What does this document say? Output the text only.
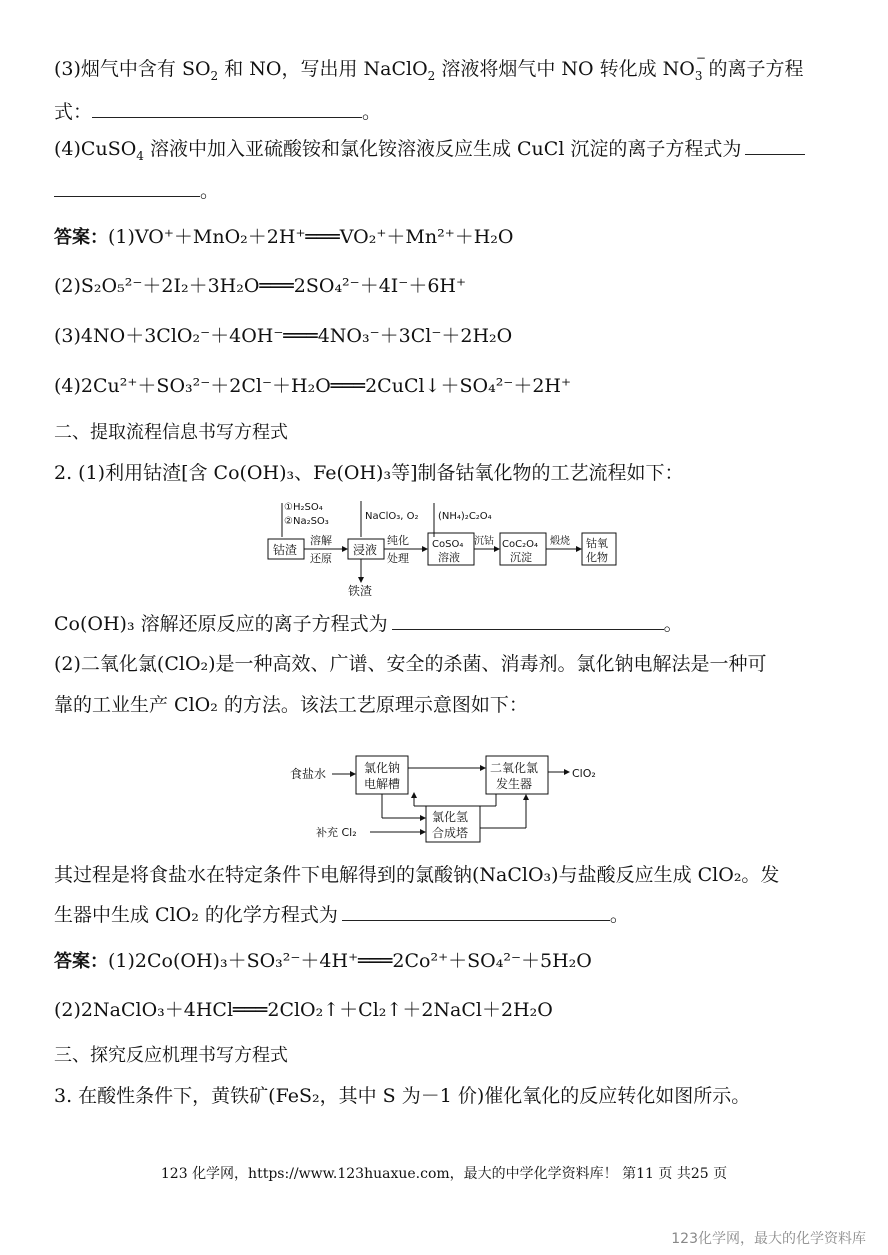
(3)烟气中含有 $SO_2$ 和 NO，写出用 NaClO$_2$ 溶液将烟气中 NO 转化成 $NO_3$
−
的离子方程
式：	。
(4)CuSO$_4$ 溶液中加入亚硫酸铵和氯化铵溶液反应生成 CuCl 沉淀的离子方程式为
。
答案：(1)VO⁺＋MnO₂＋2H⁺═══VO₂⁺＋Mn²⁺＋H₂O
(2)S₂O₅²⁻＋2I₂＋3H₂O═══2SO₄²⁻＋4I⁻＋6H⁺
(3)4NO＋3ClO₂⁻＋4OH⁻═══4NO₃⁻＋3Cl⁻＋2H₂O
(4)2Cu²⁺＋SO₃²⁻＋2Cl⁻＋H₂O═══2CuCl↓＋SO₄²⁻＋2H⁺
二、提取流程信息书写方程式
2. (1)利用钴渣[含 Co(OH)₃、Fe(OH)₃等]制备钴氧化物的工艺流程如下：
①H₂SO₄
②Na₂SO₃	NaClO₃, O₂ (NH₄)₂C₂O₄
钴渣
溶解
还原
浸液
铁渣
纯化
处理
CoSO₄
溶液
沉钴 CoC₂O₄
沉淀
煅烧 钴氧
化物
Co(OH)₃ 溶解还原反应的离子方程式为	。
(2)二氧化氯(ClO₂)是一种高效、广谱、安全的杀菌、消毒剂。氯化钠电解法是一种可
靠的工业生产 ClO₂ 的方法。该法工艺原理示意图如下：
食盐水	氯化钠
电解槽
二氧化氯
发生器
ClO₂
氯化氢
合成塔
补充 Cl₂
其过程是将食盐水在特定条件下电解得到的氯酸钠(NaClO₃)与盐酸反应生成 ClO₂。发
生器中生成 ClO₂ 的化学方程式为	。
答案：(1)2Co(OH)₃＋SO₃²⁻＋4H⁺═══2Co²⁺＋SO₄²⁻＋5H₂O
(2)2NaClO₃＋4HCl═══2ClO₂↑＋Cl₂↑＋2NaCl＋2H₂O
三、探究反应机理书写方程式
3. 在酸性条件下，黄铁矿(FeS₂，其中 S 为－1 价)催化氧化的反应转化如图所示。
123 化学网，https://www.123huaxue.com，最大的中学化学资料库！ 第11 页 共25 页
123化学网，最大的化学资料库
